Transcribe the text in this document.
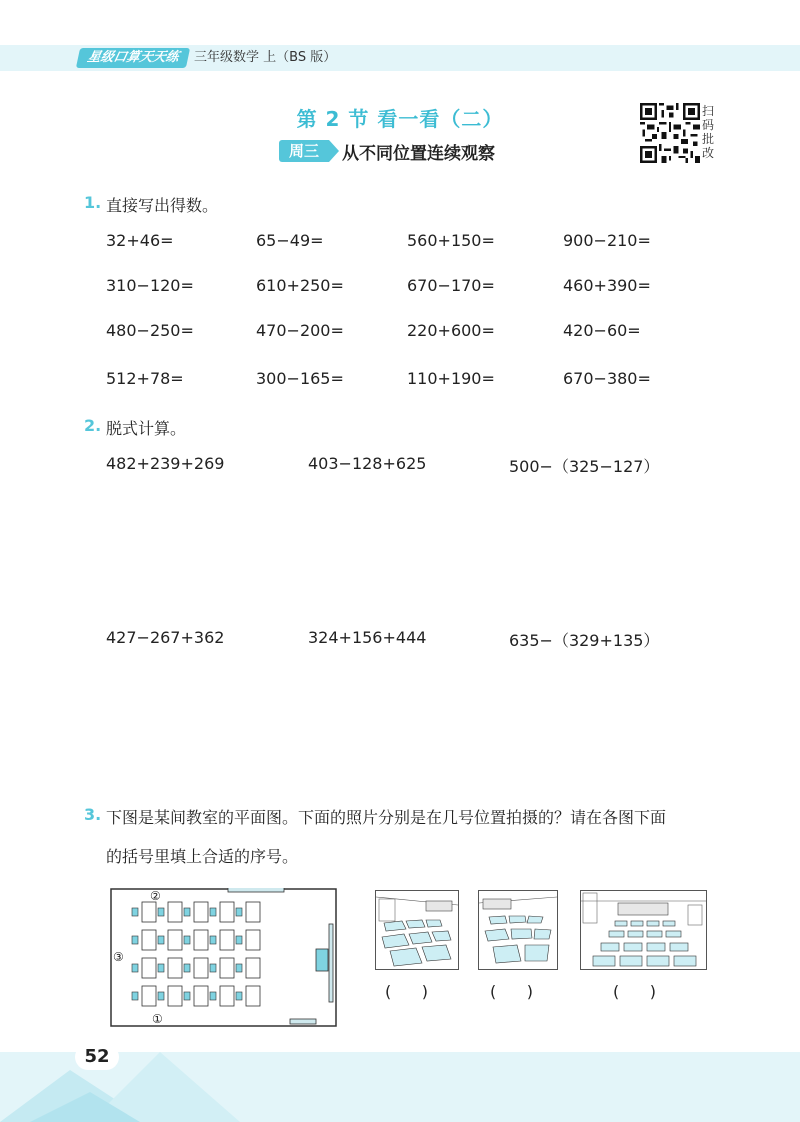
星级口算天天练	三年级数学 上（BS 版）
第 2 节 看一看（二）
周三	从不同位置连续观察
扫
码
批
改
1. 直接写出得数。
32+46=	65−49=	560+150=	900−210=
310−120=	610+250=	670−170=	460+390=
480−250=	470−200=	220+600=	420−60=
512+78=	300−165=	110+190=	670−380=
2. 脱式计算。
482+239+269	403−128+625	500−（325−127）
427−267+362	324+156+444	635−（329+135）
3. 下图是某间教室的平面图。下面的照片分别是在几号位置拍摄的？请在各图下面
的括号里填上合适的序号。
②
③
①
(      )	(      )	(      )
52
